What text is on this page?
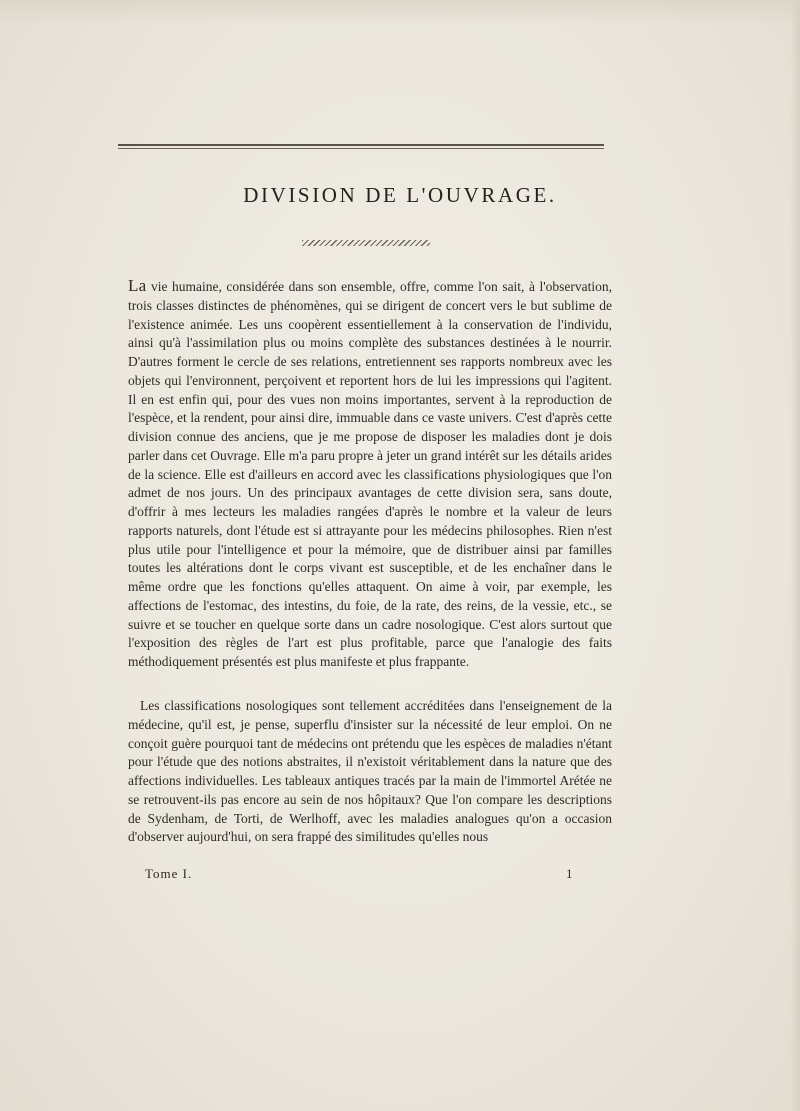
DIVISION DE L'OUVRAGE.

La vie humaine, considérée dans son ensemble, offre, comme l'on sait, à l'observation, trois classes distinctes de phénomènes, qui se dirigent de concert vers le but sublime de l'existence animée. Les uns coopèrent essentiellement à la conservation de l'individu, ainsi qu'à l'assimilation plus ou moins complète des substances destinées à le nourrir. D'autres forment le cercle de ses relations, entretiennent ses rapports nombreux avec les objets qui l'environnent, perçoivent et reportent hors de lui les impressions qui l'agitent. Il en est enfin qui, pour des vues non moins importantes, servent à la reproduction de l'espèce, et la rendent, pour ainsi dire, immuable dans ce vaste univers. C'est d'après cette division connue des anciens, que je me propose de disposer les maladies dont je dois parler dans cet Ouvrage. Elle m'a paru propre à jeter un grand intérêt sur les détails arides de la science. Elle est d'ailleurs en accord avec les classifications physiologiques que l'on admet de nos jours. Un des principaux avantages de cette division sera, sans doute, d'offrir à mes lecteurs les maladies rangées d'après le nombre et la valeur de leurs rapports naturels, dont l'étude est si attrayante pour les médecins philosophes. Rien n'est plus utile pour l'intelligence et pour la mémoire, que de distribuer ainsi par familles toutes les altérations dont le corps vivant est susceptible, et de les enchaîner dans le même ordre que les fonctions qu'elles attaquent. On aime à voir, par exemple, les affections de l'estomac, des intestins, du foie, de la rate, des reins, de la vessie, etc., se suivre et se toucher en quelque sorte dans un cadre nosologique. C'est alors surtout que l'exposition des règles de l'art est plus profitable, parce que l'analogie des faits méthodiquement présentés est plus manifeste et plus frappante.

Les classifications nosologiques sont tellement accréditées dans l'enseignement de la médecine, qu'il est, je pense, superflu d'insister sur la nécessité de leur emploi. On ne conçoit guère pourquoi tant de médecins ont prétendu que les espèces de maladies n'étant pour l'étude que des notions abstraites, il n'existoit véritablement dans la nature que des affections individuelles. Les tableaux antiques tracés par la main de l'immortel Arétée ne se retrouvent-ils pas encore au sein de nos hôpitaux? Que l'on compare les descriptions de Sydenham, de Torti, de Werlhoff, avec les maladies analogues qu'on a occasion d'observer aujourd'hui, on sera frappé des similitudes qu'elles nous

Tome I.	1
